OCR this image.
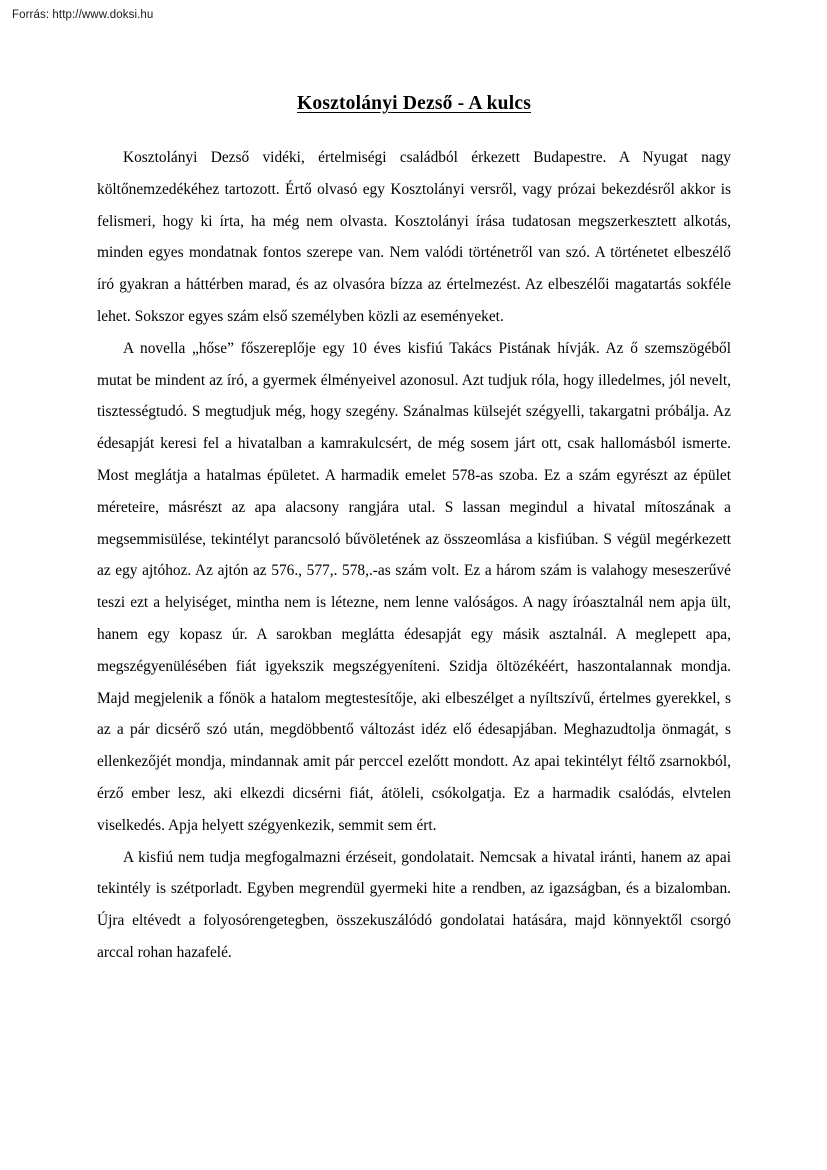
Forrás: http://www.doksi.hu
Kosztolányi Dezső - A kulcs

Kosztolányi Dezső vidéki, értelmiségi családból érkezett Budapestre. A Nyugat nagy költőnemzedékéhez tartozott. Értő olvasó egy Kosztolányi versről, vagy prózai bekezdésről akkor is felismeri, hogy ki írta, ha még nem olvasta. Kosztolányi írása tudatosan megszerkesztett alkotás, minden egyes mondatnak fontos szerepe van. Nem valódi történetről van szó. A történetet elbeszélő író gyakran a háttérben marad, és az olvasóra bízza az értelmezést. Az elbeszélői magatartás sokféle lehet. Sokszor egyes szám első személyben közli az eseményeket.

A novella „hőse” főszereplője egy 10 éves kisfiú Takács Pistának hívják. Az ő szemszögéből mutat be mindent az író, a gyermek élményeivel azonosul. Azt tudjuk róla, hogy illedelmes, jól nevelt, tisztességtudó. S megtudjuk még, hogy szegény. Szánalmas külsejét szégyelli, takargatni próbálja. Az édesapját keresi fel a hivatalban a kamrakulcsért, de még sosem járt ott, csak hallomásból ismerte. Most meglátja a hatalmas épületet. A harmadik emelet 578-as szoba. Ez a szám egyrészt az épület méreteire, másrészt az apa alacsony rangjára utal. S lassan megindul a hivatal mítoszának a megsemmisülése, tekintélyt parancsoló bűvöletének az összeomlása a kisfiúban. S végül megérkezett az egy ajtóhoz. Az ajtón az 576., 577,. 578,.-as szám volt. Ez a három szám is valahogy meseszerűvé teszi ezt a helyiséget, mintha nem is létezne, nem lenne valóságos. A nagy íróasztalnál nem apja ült, hanem egy kopasz úr. A sarokban meglátta édesapját egy másik asztalnál. A meglepett apa, megszégyenülésében fiát igyekszik megszégyeníteni. Szidja öltözékéért, haszontalannak mondja. Majd megjelenik a főnök a hatalom megtestesítője, aki elbeszélget a nyíltszívű, értelmes gyerekkel, s az a pár dicsérő szó után, megdöbbentő változást idéz elő édesapjában. Meghazudtolja önmagát, s ellenkezőjét mondja, mindannak amit pár perccel ezelőtt mondott. Az apai tekintélyt féltő zsarnokból, érző ember lesz, aki elkezdi dicsérni fiát, átöleli, csókolgatja. Ez a harmadik csalódás, elvtelen viselkedés. Apja helyett szégyenkezik, semmit sem ért.

A kisfiú nem tudja megfogalmazni érzéseit, gondolatait. Nemcsak a hivatal iránti, hanem az apai tekintély is szétporladt. Egyben megrendül gyermeki hite a rendben, az igazságban, és a bizalomban. Újra eltévedt a folyosórengetegben, összekuszálódó gondolatai hatására, majd könnyektől csorgó arccal rohan hazafelé.
